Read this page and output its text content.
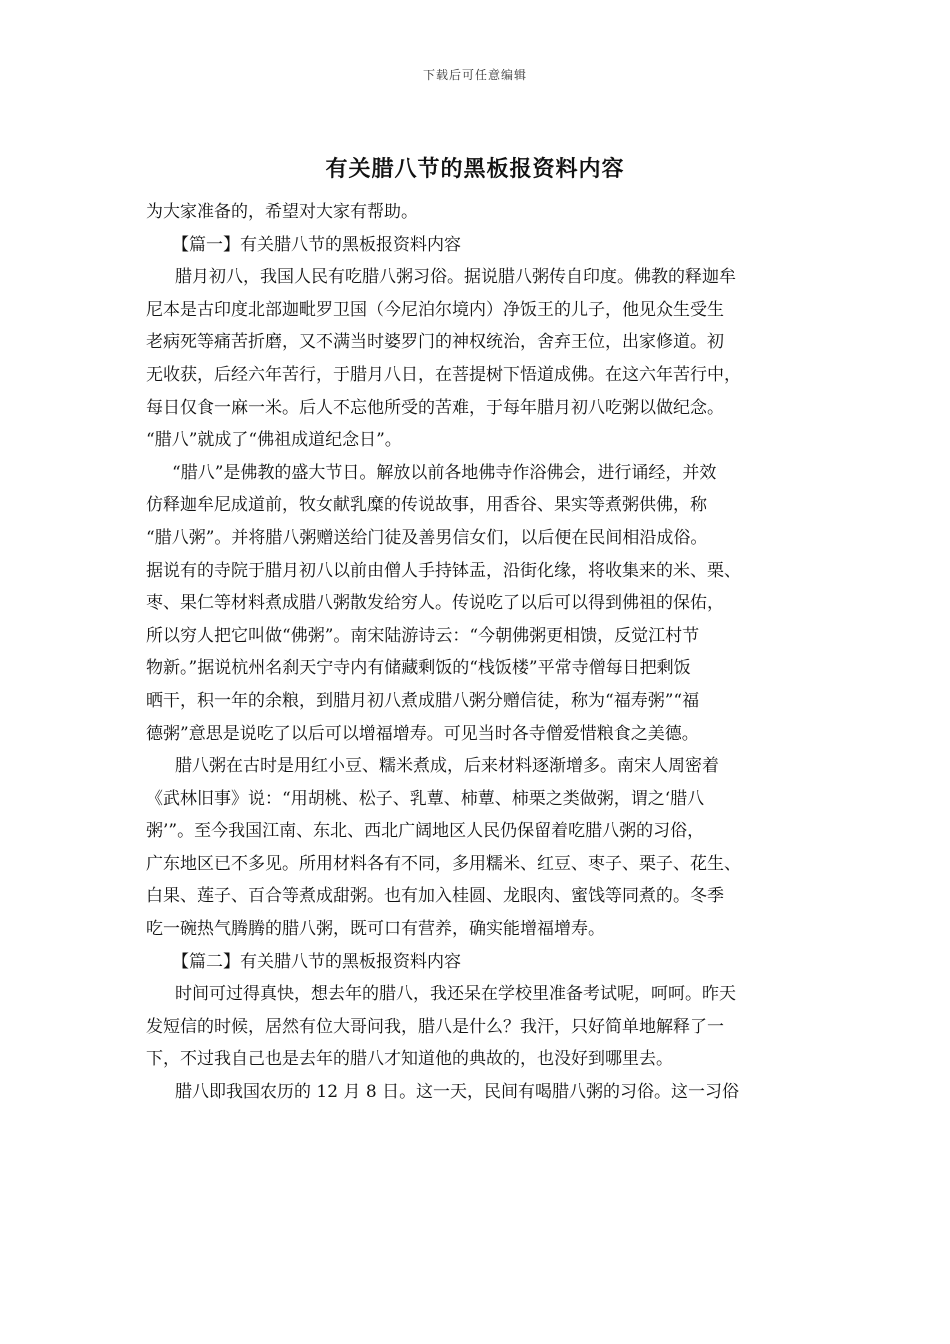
下载后可任意编辑
有关腊八节的黑板报资料内容
为大家准备的，希望对大家有帮助。
【篇一】有关腊八节的黑板报资料内容
腊月初八，我国人民有吃腊八粥习俗。据说腊八粥传自印度。佛教的释迦牟
尼本是古印度北部迦毗罗卫国（今尼泊尔境内）净饭王的儿子，他见众生受生
老病死等痛苦折磨，又不满当时婆罗门的神权统治，舍弃王位，出家修道。初
无收获，后经六年苦行，于腊月八日，在菩提树下悟道成佛。在这六年苦行中，
每日仅食一麻一米。后人不忘他所受的苦难，于每年腊月初八吃粥以做纪念。
“腊八”就成了“佛祖成道纪念日”。
“腊八”是佛教的盛大节日。解放以前各地佛寺作浴佛会，进行诵经，并效
仿释迦牟尼成道前，牧女献乳糜的传说故事，用香谷、果实等煮粥供佛，称
“腊八粥”。并将腊八粥赠送给门徒及善男信女们，以后便在民间相沿成俗。
据说有的寺院于腊月初八以前由僧人手持钵盂，沿街化缘，将收集来的米、栗、
枣、果仁等材料煮成腊八粥散发给穷人。传说吃了以后可以得到佛祖的保佑，
所以穷人把它叫做“佛粥”。南宋陆游诗云：“今朝佛粥更相馈，反觉江村节
物新。”据说杭州名刹天宁寺内有储藏剩饭的“栈饭楼”平常寺僧每日把剩饭
晒干，积一年的余粮，到腊月初八煮成腊八粥分赠信徒，称为“福寿粥”“福
德粥”意思是说吃了以后可以增福增寿。可见当时各寺僧爱惜粮食之美德。
腊八粥在古时是用红小豆、糯米煮成，后来材料逐渐增多。南宋人周密着
《武林旧事》说：“用胡桃、松子、乳蕈、柿蕈、柿栗之类做粥，谓之‘腊八
粥’”。至今我国江南、东北、西北广阔地区人民仍保留着吃腊八粥的习俗，
广东地区已不多见。所用材料各有不同，多用糯米、红豆、枣子、栗子、花生、
白果、莲子、百合等煮成甜粥。也有加入桂圆、龙眼肉、蜜饯等同煮的。冬季
吃一碗热气腾腾的腊八粥，既可口有营养，确实能增福增寿。
【篇二】有关腊八节的黑板报资料内容
时间可过得真快，想去年的腊八，我还呆在学校里准备考试呢，呵呵。昨天
发短信的时候，居然有位大哥问我，腊八是什么？我汗，只好简单地解释了一
下，不过我自己也是去年的腊八才知道他的典故的，也没好到哪里去。
腊八即我国农历的 12 月 8 日。这一天，民间有喝腊八粥的习俗。这一习俗
